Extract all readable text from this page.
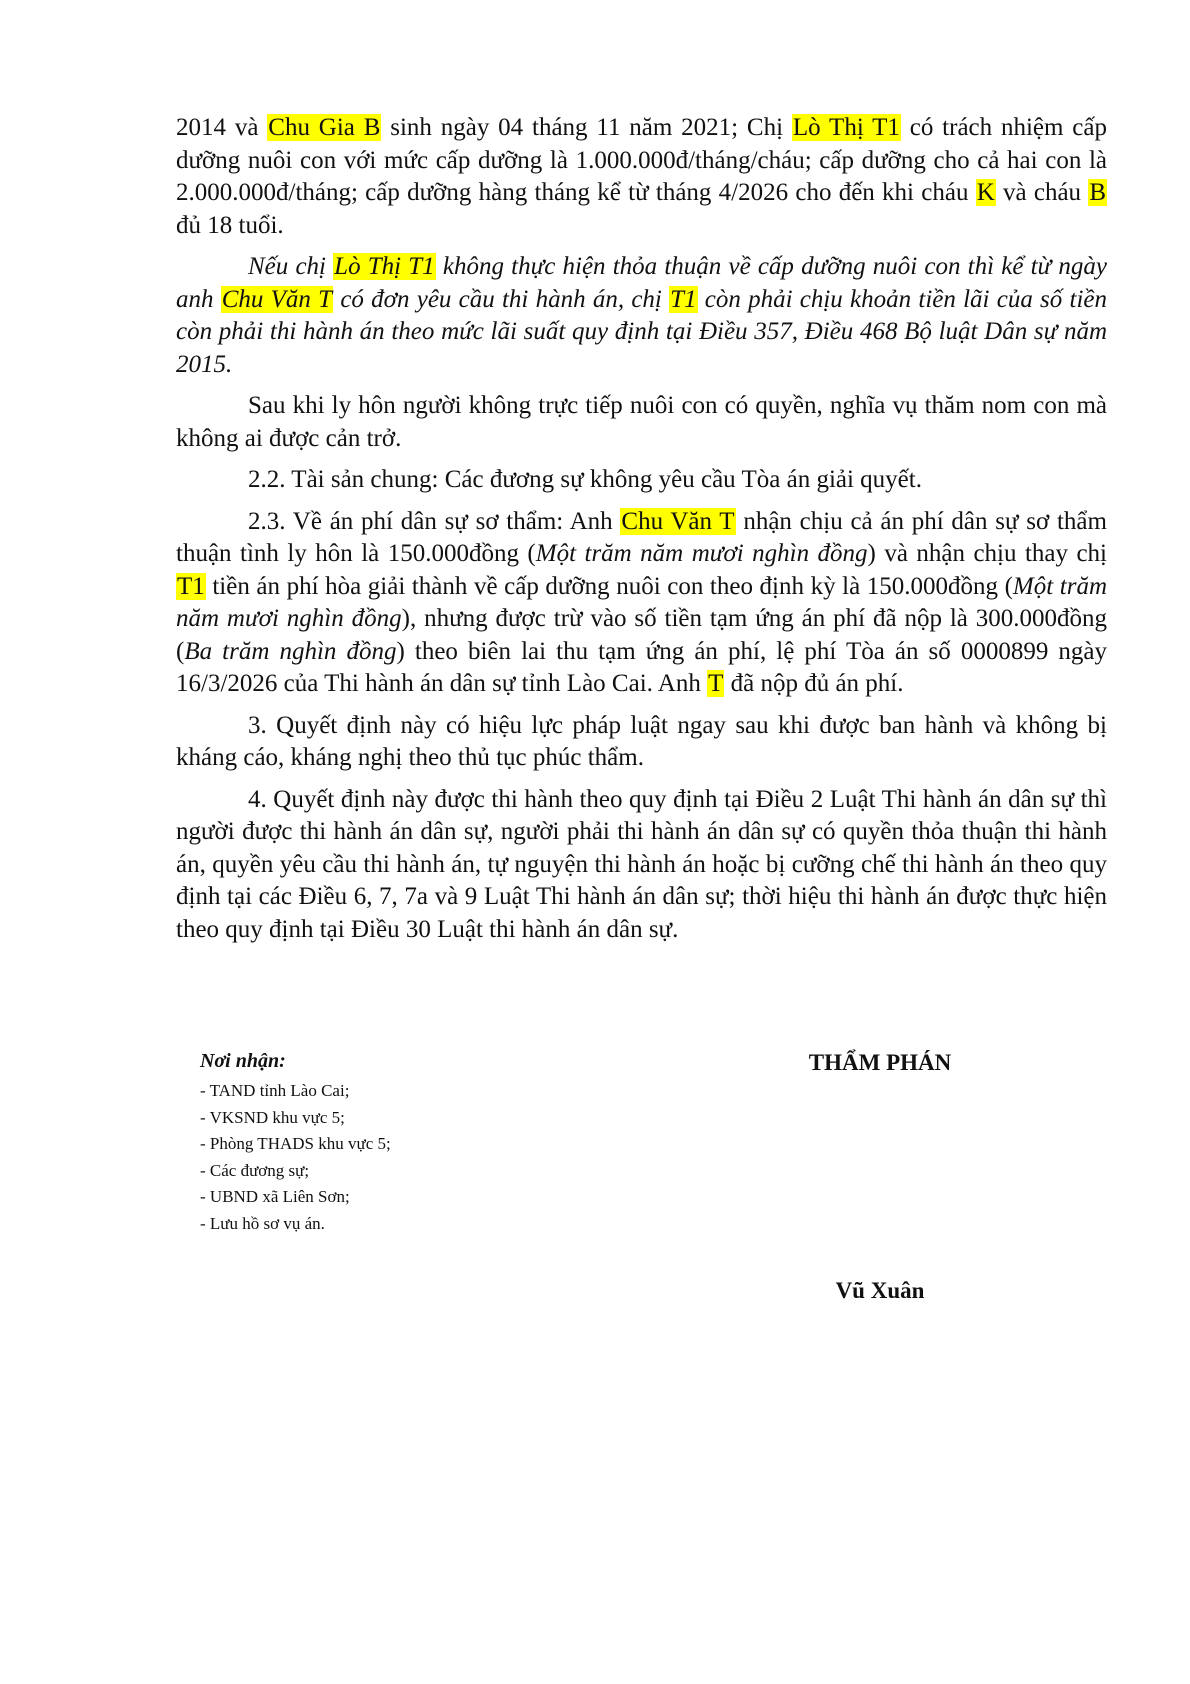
2014 và Chu Gia B sinh ngày 04 tháng 11 năm 2021; Chị Lò Thị T1 có trách nhiệm cấp dưỡng nuôi con với mức cấp dưỡng là 1.000.000đ/tháng/cháu; cấp dưỡng cho cả hai con là 2.000.000đ/tháng; cấp dưỡng hàng tháng kể từ tháng 4/2026 cho đến khi cháu K và cháu B đủ 18 tuổi.

Nếu chị Lò Thị T1 không thực hiện thỏa thuận về cấp dưỡng nuôi con thì kể từ ngày anh Chu Văn T có đơn yêu cầu thi hành án, chị T1 còn phải chịu khoản tiền lãi của số tiền còn phải thi hành án theo mức lãi suất quy định tại Điều 357, Điều 468 Bộ luật Dân sự năm 2015.

Sau khi ly hôn người không trực tiếp nuôi con có quyền, nghĩa vụ thăm nom con mà không ai được cản trở.

2.2. Tài sản chung: Các đương sự không yêu cầu Tòa án giải quyết.

2.3. Về án phí dân sự sơ thẩm: Anh Chu Văn T nhận chịu cả án phí dân sự sơ thẩm thuận tình ly hôn là 150.000đồng (Một trăm năm mươi nghìn đồng) và nhận chịu thay chị T1 tiền án phí hòa giải thành về cấp dưỡng nuôi con theo định kỳ là 150.000đồng (Một trăm năm mươi nghìn đồng), nhưng được trừ vào số tiền tạm ứng án phí đã nộp là 300.000đồng (Ba trăm nghìn đồng) theo biên lai thu tạm ứng án phí, lệ phí Tòa án số 0000899 ngày 16/3/2026 của Thi hành án dân sự tỉnh Lào Cai. Anh T đã nộp đủ án phí.

3. Quyết định này có hiệu lực pháp luật ngay sau khi được ban hành và không bị kháng cáo, kháng nghị theo thủ tục phúc thẩm.

4. Quyết định này được thi hành theo quy định tại Điều 2 Luật Thi hành án dân sự thì người được thi hành án dân sự, người phải thi hành án dân sự có quyền thỏa thuận thi hành án, quyền yêu cầu thi hành án, tự nguyện thi hành án hoặc bị cưỡng chế thi hành án theo quy định tại các Điều 6, 7, 7a và 9 Luật Thi hành án dân sự; thời hiệu thi hành án được thực hiện theo quy định tại Điều 30 Luật thi hành án dân sự.

Nơi nhận:
- TAND tỉnh Lào Cai;
- VKSND khu vực 5;
- Phòng THADS khu vực 5;
- Các đương sự;
- UBND xã Liên Sơn;
- Lưu hồ sơ vụ án.
THẨM PHÁN
Vũ Xuân
